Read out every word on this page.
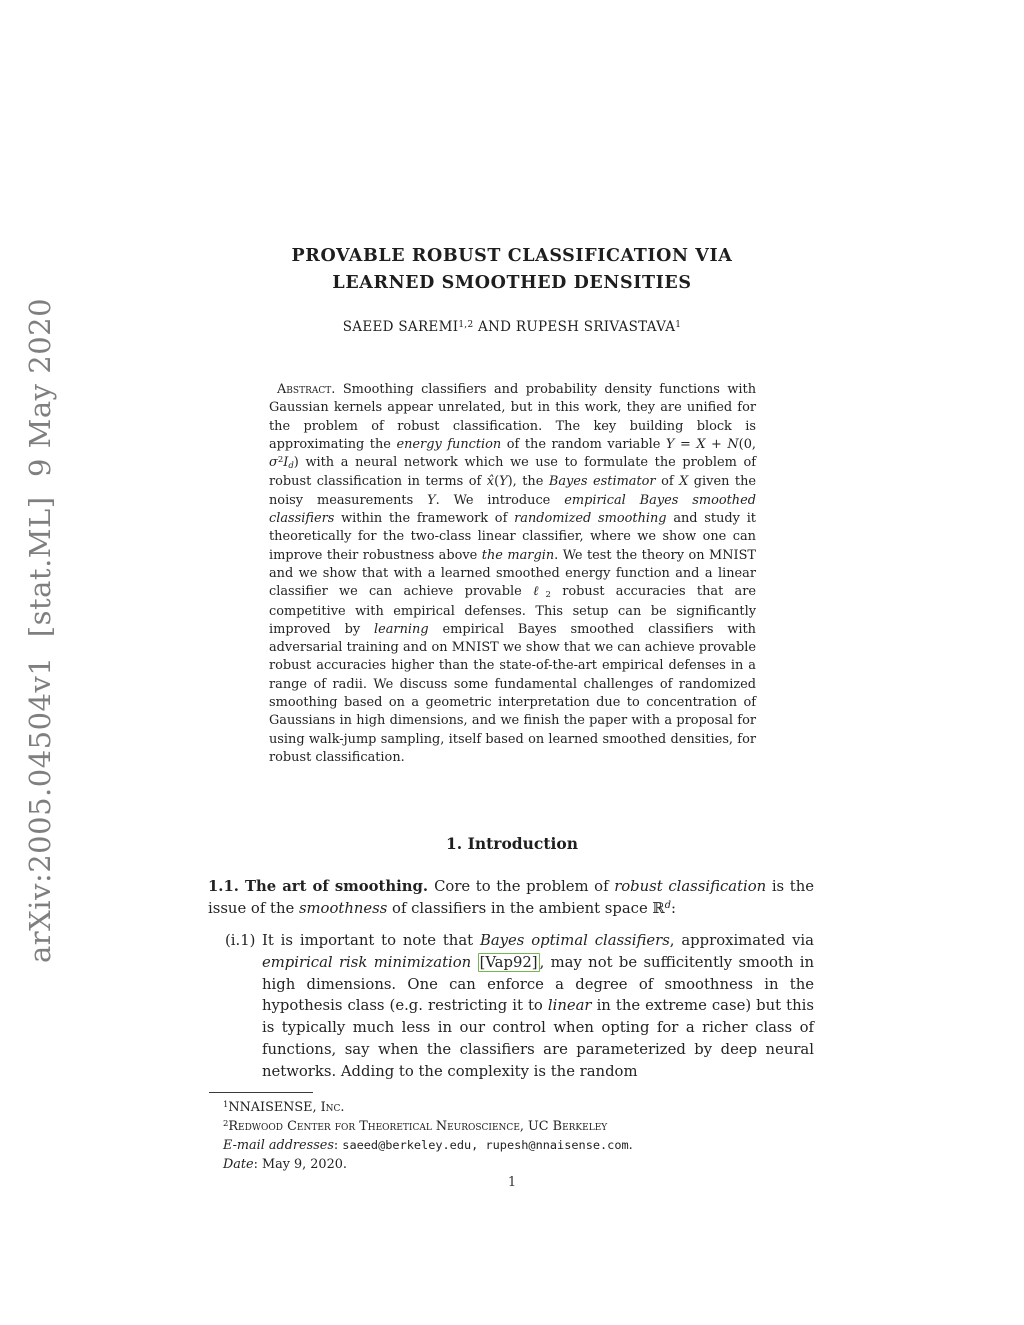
arXiv:2005.04504v1  [stat.ML]  9 May 2020
PROVABLE ROBUST CLASSIFICATION VIA
LEARNED SMOOTHED DENSITIES
SAEED SAREMI$^{1,2}$ AND RUPESH SRIVASTAVA$^1$
Abstract. Smoothing classifiers and probability density functions with Gaussian kernels appear unrelated, but in this work, they are unified for the problem of robust classification. The key building block is approximating the energy function of the random variable Y = X + N(0, $\sigma^2Id$) with a neural network which we use to formulate the problem of robust classification in terms of x̂(Y), the Bayes estimator of X given the noisy measurements Y. We introduce empirical Bayes smoothed classifiers within the framework of randomized smoothing and study it theoretically for the two-class linear classifier, where we show one can improve their robustness above the margin. We test the theory on MNIST and we show that with a learned smoothed energy function and a linear classifier we can achieve provable ℓ2 robust accuracies that are competitive with empirical defenses. This setup can be significantly improved by learning empirical Bayes smoothed classifiers with adversarial training and on MNIST we show that we can achieve provable robust accuracies higher than the state-of-the-art empirical defenses in a range of radii. We discuss some fundamental challenges of randomized smoothing based on a geometric interpretation due to concentration of Gaussians in high dimensions, and we finish the paper with a proposal for using walk-jump sampling, itself based on learned smoothed densities, for robust classification.
1. Introduction
1.1. The art of smoothing. Core to the problem of robust classification is the issue of the smoothness of classifiers in the ambient space ℝ$^d$:
(i.1) It is important to note that Bayes optimal classifiers, approximated via empirical risk minimization [Vap92] , may not be sufficitently smooth in high dimensions. One can enforce a degree of smoothness in the hypothesis class (e.g. restricting it to linear in the extreme case) but this is typically much less in our control when opting for a richer class of functions, say when the classifiers are parameterized by deep neural networks. Adding to the complexity is the random
$^1$NNAISENSE, Inc.
$^2$Redwood Center for Theoretical Neuroscience, UC Berkeley
E-mail addresses: saeed@berkeley.edu, rupesh@nnaisense.com.
Date: May 9, 2020.
1
